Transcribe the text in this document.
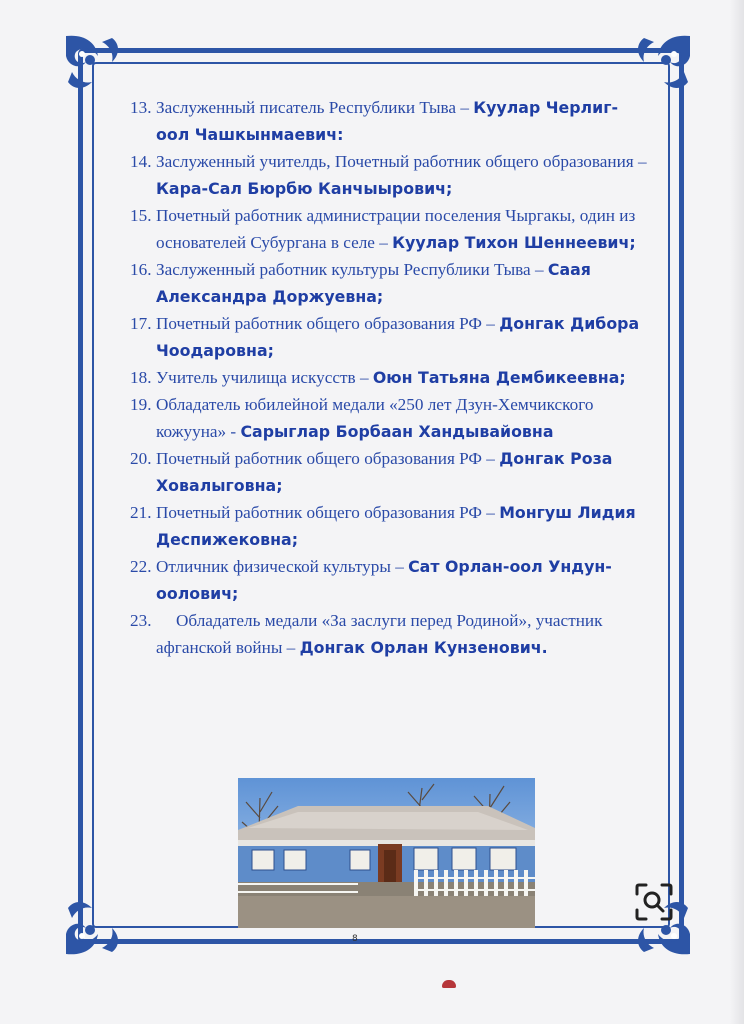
13. Заслуженный писатель Республики Тыва – Куулар Черлиг-оол Чашкынмаевич:
14. Заслуженный учителдь, Почетный работник общего образования – Кара-Сал Бюрбю Канчыырович;
15. Почетный работник администрации поселения Чыргакы, один из основателей Субургана в селе – Куулар Тихон Шеннеевич;
16. Заслуженный работник культуры Республики Тыва – Саая Александра Доржуевна;
17. Почетный работник общего образования РФ – Донгак Дибора Чоодаровна;
18. Учитель училища искусств – Оюн Татьяна Дембикеевна;
19. Обладатель юбилейной медали «250 лет Дзун-Хемчикского кожууна» - Сарыглар Борбаан Хандывайовна
20. Почетный работник общего образования РФ – Донгак Роза Ховалыговна;
21. Почетный работник общего образования РФ – Монгуш Лидия Деспижековна;
22. Отличник физической культуры – Сат Орлан-оол Ундун-оолович;
23. Обладатель медали «За заслуги перед Родиной», участник афганской войны – Донгак Орлан Кунзенович.
8
